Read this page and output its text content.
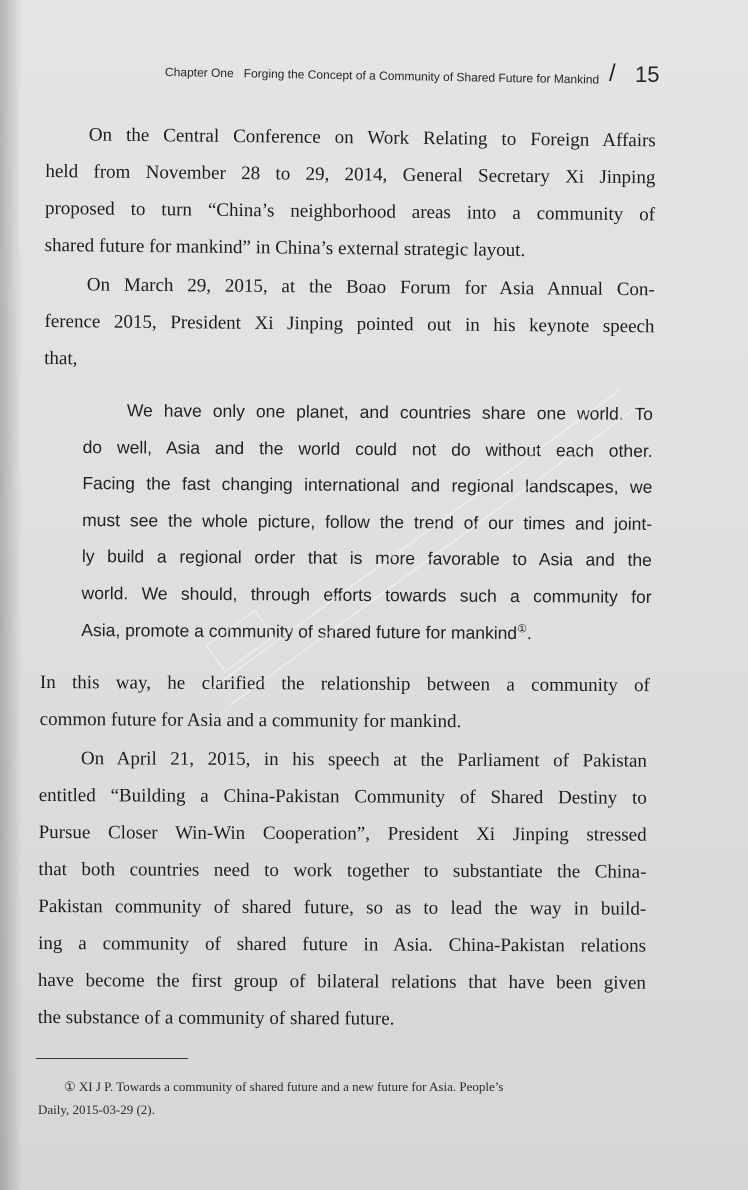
Chapter One Forging the Concept of a Community of Shared Future for Mankind / 15
On the Central Conference on Work Relating to Foreign Affairs
held from November 28 to 29, 2014, General Secretary Xi Jinping
proposed to turn “China’s neighborhood areas into a community of
shared future for mankind” in China’s external strategic layout.
On March 29, 2015, at the Boao Forum for Asia Annual Con-
ference 2015, President Xi Jinping pointed out in his keynote speech
that,
We have only one planet, and countries share one world. To
do well, Asia and the world could not do without each other.
Facing the fast changing international and regional landscapes, we
must see the whole picture, follow the trend of our times and joint-
ly build a regional order that is more favorable to Asia and the
world. We should, through efforts towards such a community for
Asia, promote a community of shared future for mankind①.
In this way, he clarified the relationship between a community of
common future for Asia and a community for mankind.
On April 21, 2015, in his speech at the Parliament of Pakistan
entitled “Building a China-Pakistan Community of Shared Destiny to
Pursue Closer Win-Win Cooperation”, President Xi Jinping stressed
that both countries need to work together to substantiate the China-
Pakistan community of shared future, so as to lead the way in build-
ing a community of shared future in Asia. China-Pakistan relations
have become the first group of bilateral relations that have been given
the substance of a community of shared future.
① XI J P. Towards a community of shared future and a new future for Asia. People’s
Daily, 2015-03-29 (2).
